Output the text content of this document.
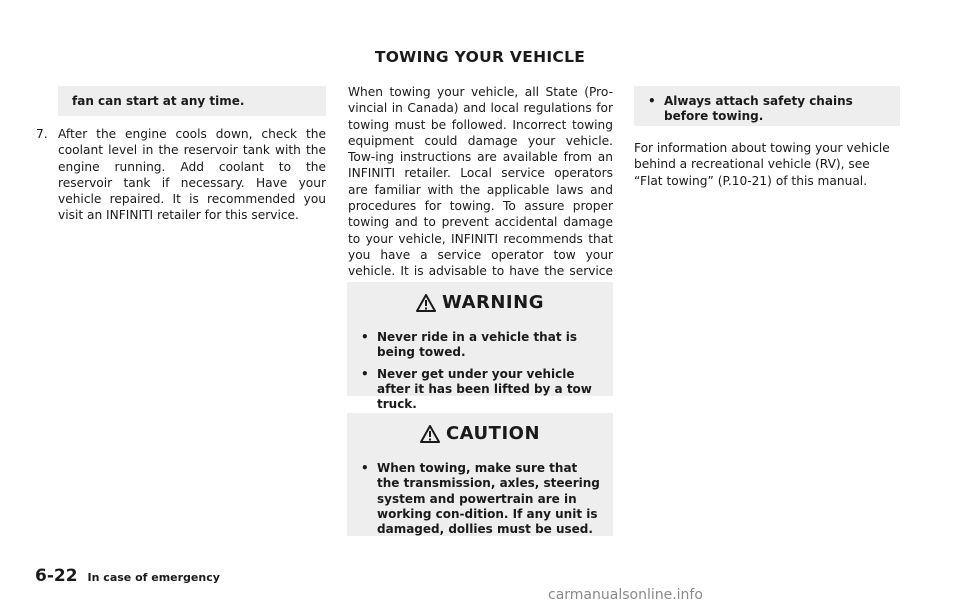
TOWING YOUR VEHICLE
fan can start at any time.
7. After the engine cools down, check the coolant level in the reservoir tank with the engine running. Add coolant to the reservoir tank if necessary. Have your vehicle repaired. It is recommended you visit an INFINITI retailer for this service.
When towing your vehicle, all State (Pro-vincial in Canada) and local regulations for towing must be followed. Incorrect towing equipment could damage your vehicle. Tow-ing instructions are available from an INFINITI retailer. Local service operators are familiar with the applicable laws and procedures for towing. To assure proper towing and to prevent accidental damage to your vehicle, INFINITI recommends that you have a service operator tow your vehicle. It is advisable to have the service
WARNING
• Never ride in a vehicle that is being towed.
• Never get under your vehicle after it has been lifted by a tow truck.
CAUTION
• When towing, make sure that the transmission, axles, steering system and powertrain are in working con-dition. If any unit is damaged, dollies must be used.
• Always attach safety chains before towing.
For information about towing your vehicle behind a recreational vehicle (RV), see “Flat towing” (P.10-21) of this manual.
6-22 In case of emergency
carmanualsonline.info
